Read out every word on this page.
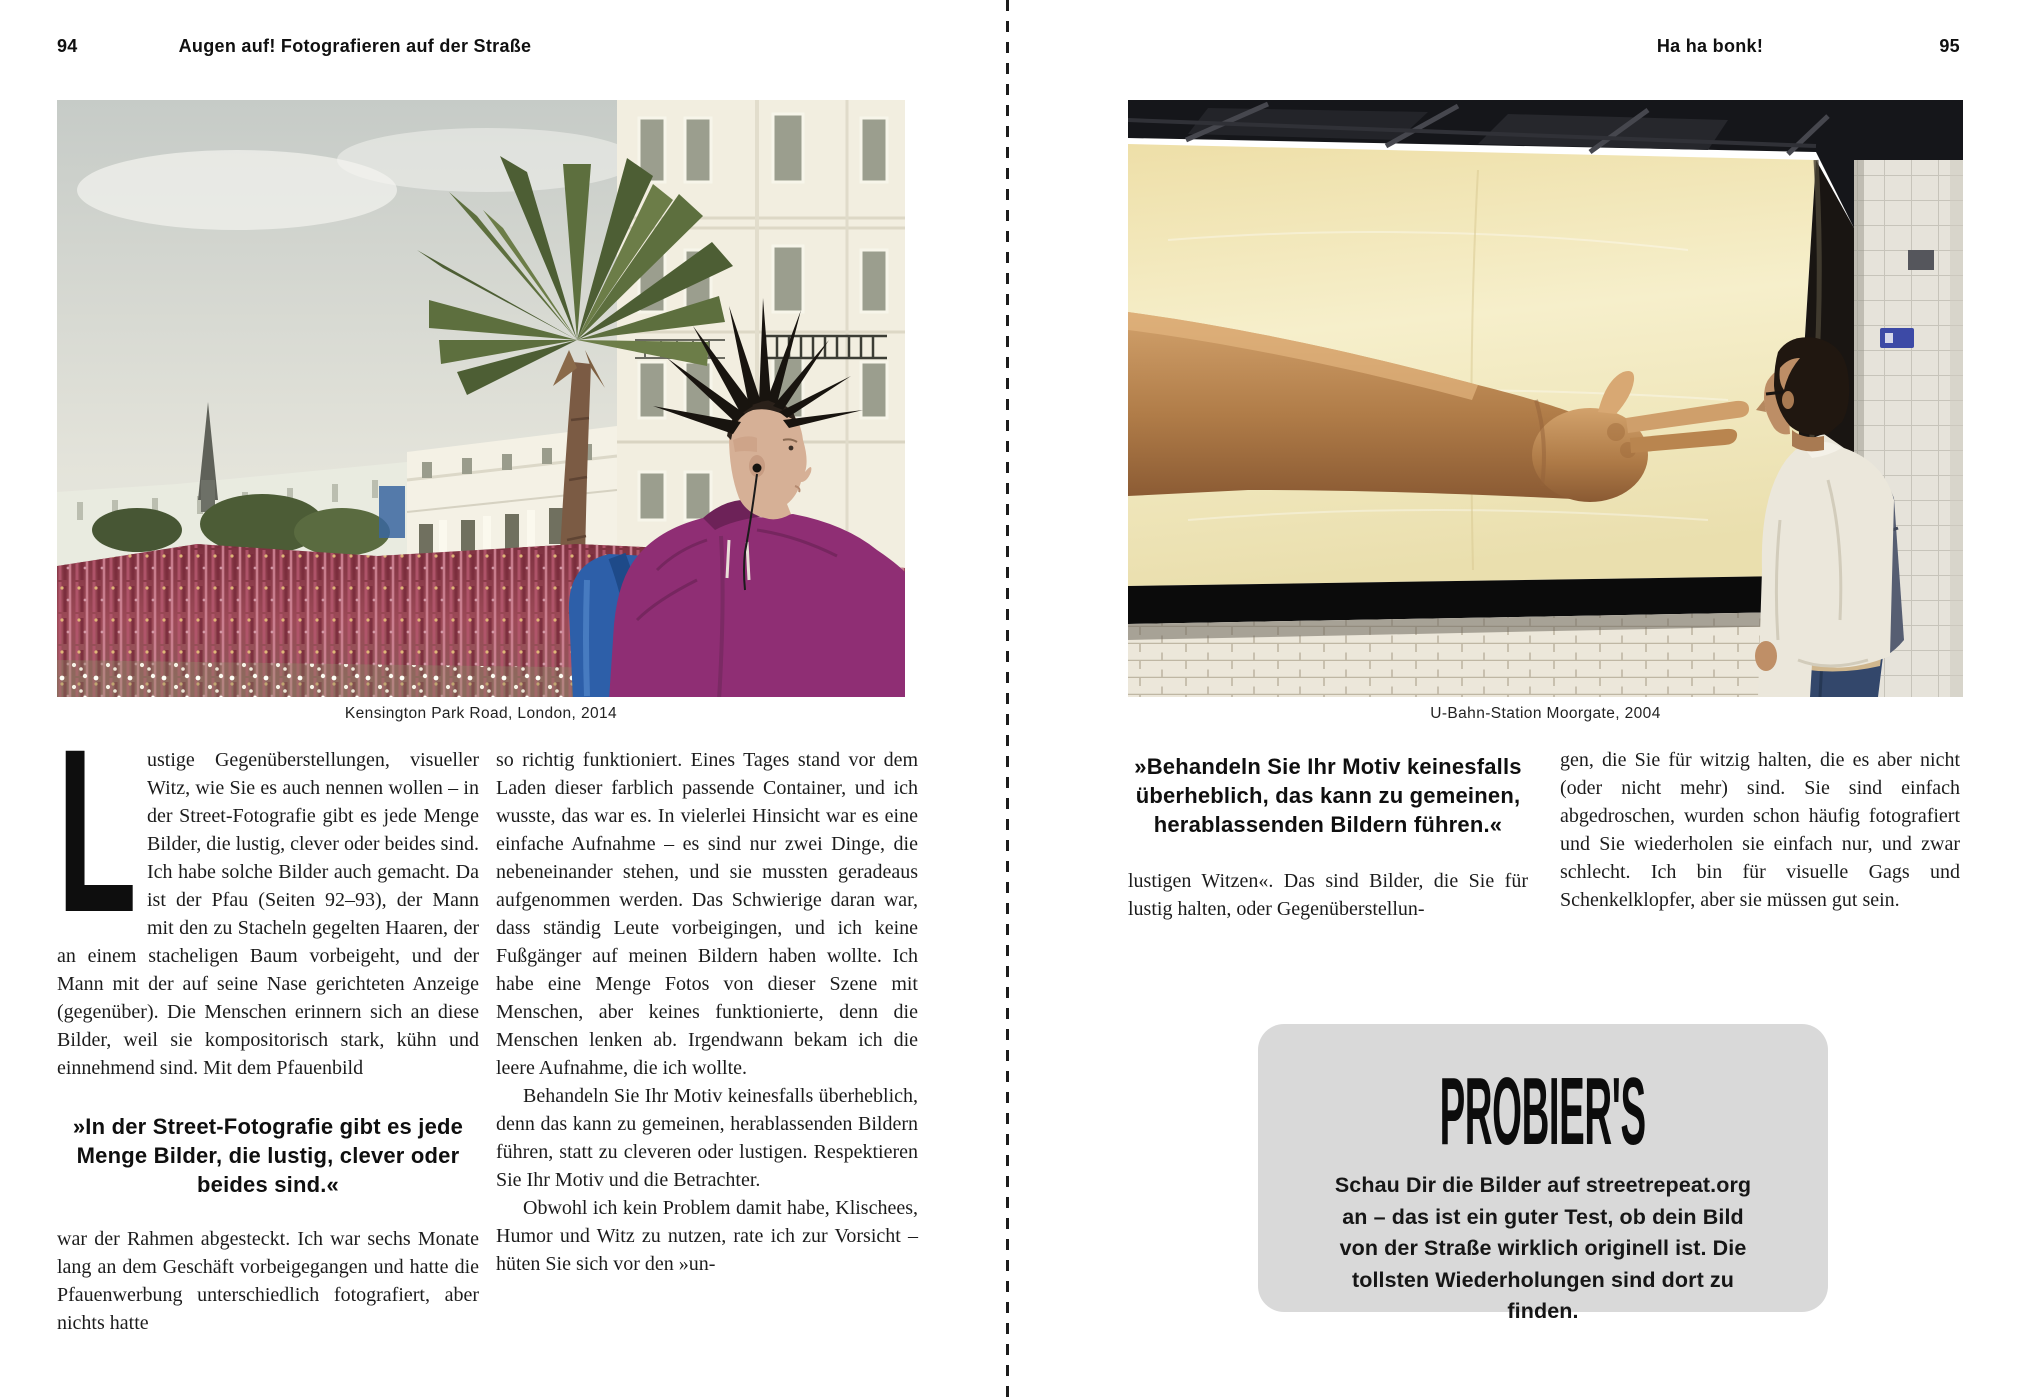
94	Augen auf! Fotografieren auf der Straße	Ha ha bonk!	95
Kensington Park Road, London, 2014	U-Bahn-Station Moorgate, 2004

L ustige Gegenüberstellungen, visueller Witz, wie Sie es auch nennen wollen – in der Street-Fotografie gibt es jede Menge Bilder, die lustig, clever oder beides sind. Ich habe solche Bilder auch gemacht. Da ist der Pfau (Seiten 92–93), der Mann mit den zu Stacheln gegelten Haaren, der an einem stacheligen Baum vorbeigeht, und der Mann mit der auf seine Nase gerichteten Anzeige (gegenüber). Die Menschen erinnern sich an diese Bilder, weil sie kompositorisch stark, kühn und einnehmend sind. Mit dem Pfauenbild

»In der Street-Fotografie gibt es jede Menge Bilder, die lustig, clever oder beides sind.«

war der Rahmen abgesteckt. Ich war sechs Monate lang an dem Geschäft vorbeigegangen und hatte die Pfauenwerbung unterschiedlich fotografiert, aber nichts hatte

so richtig funktioniert. Eines Tages stand vor dem Laden dieser farblich passende Container, und ich wusste, das war es. In vielerlei Hinsicht war es eine einfache Aufnahme – es sind nur zwei Dinge, die nebeneinander stehen, und sie mussten geradeaus aufgenommen werden. Das Schwierige daran war, dass ständig Leute vorbeigingen, und ich keine Fußgänger auf meinen Bildern haben wollte. Ich habe eine Menge Fotos von dieser Szene mit Menschen, aber keines funktionierte, denn die Menschen lenken ab. Irgendwann bekam ich die leere Aufnahme, die ich wollte.

Behandeln Sie Ihr Motiv keinesfalls überheblich, denn das kann zu gemeinen, herablassenden Bildern führen, statt zu cleveren oder lustigen. Respektieren Sie Ihr Motiv und die Betrachter.

Obwohl ich kein Problem damit habe, Klischees, Humor und Witz zu nutzen, rate ich zur Vorsicht – hüten Sie sich vor den »un-

»Behandeln Sie Ihr Motiv keinesfalls überheblich, das kann zu gemeinen, herablassenden Bildern führen.«

lustigen Witzen«. Das sind Bilder, die Sie für lustig halten, oder Gegenüberstellun-

gen, die Sie für witzig halten, die es aber nicht (oder nicht mehr) sind. Sie sind einfach abgedroschen, wurden schon häufig fotografiert und Sie wiederholen sie einfach nur, und zwar schlecht. Ich bin für visuelle Gags und Schenkelklopfer, aber sie müssen gut sein.

PROBIER'S
Schau Dir die Bilder auf streetrepeat.org an – das ist ein guter Test, ob dein Bild von der Straße wirklich originell ist. Die tollsten Wiederholungen sind dort zu finden.
